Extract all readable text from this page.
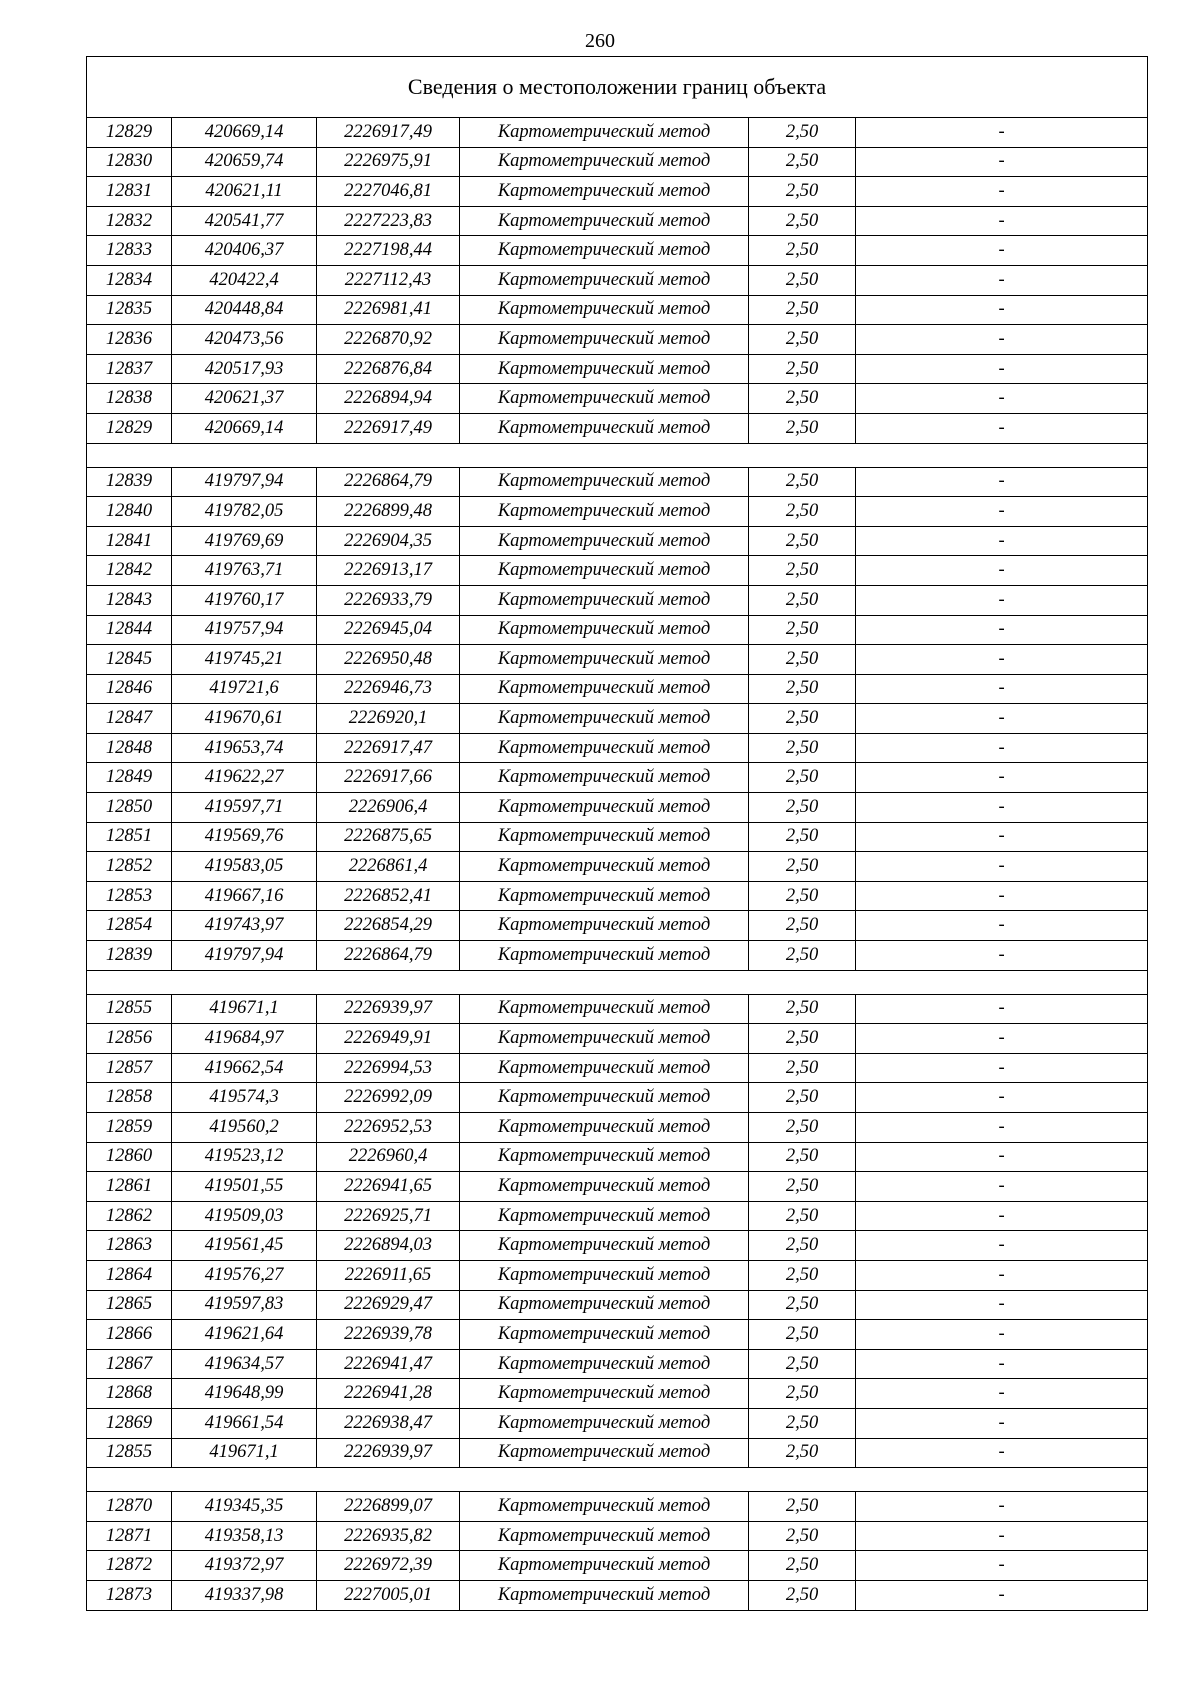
260
Сведения о местоположении границ объекта					
12829	420669,14	2226917,49	Картометрический метод	2,50	-
12830	420659,74	2226975,91	Картометрический метод	2,50	-
12831	420621,11	2227046,81	Картометрический метод	2,50	-
12832	420541,77	2227223,83	Картометрический метод	2,50	-
12833	420406,37	2227198,44	Картометрический метод	2,50	-
12834	420422,4	2227112,43	Картометрический метод	2,50	-
12835	420448,84	2226981,41	Картометрический метод	2,50	-
12836	420473,56	2226870,92	Картометрический метод	2,50	-
12837	420517,93	2226876,84	Картометрический метод	2,50	-
12838	420621,37	2226894,94	Картометрический метод	2,50	-
12829	420669,14	2226917,49	Картометрический метод	2,50	-

12839	419797,94	2226864,79	Картометрический метод	2,50	-
12840	419782,05	2226899,48	Картометрический метод	2,50	-
12841	419769,69	2226904,35	Картометрический метод	2,50	-
12842	419763,71	2226913,17	Картометрический метод	2,50	-
12843	419760,17	2226933,79	Картометрический метод	2,50	-
12844	419757,94	2226945,04	Картометрический метод	2,50	-
12845	419745,21	2226950,48	Картометрический метод	2,50	-
12846	419721,6	2226946,73	Картометрический метод	2,50	-
12847	419670,61	2226920,1	Картометрический метод	2,50	-
12848	419653,74	2226917,47	Картометрический метод	2,50	-
12849	419622,27	2226917,66	Картометрический метод	2,50	-
12850	419597,71	2226906,4	Картометрический метод	2,50	-
12851	419569,76	2226875,65	Картометрический метод	2,50	-
12852	419583,05	2226861,4	Картометрический метод	2,50	-
12853	419667,16	2226852,41	Картометрический метод	2,50	-
12854	419743,97	2226854,29	Картометрический метод	2,50	-
12839	419797,94	2226864,79	Картометрический метод	2,50	-

12855	419671,1	2226939,97	Картометрический метод	2,50	-
12856	419684,97	2226949,91	Картометрический метод	2,50	-
12857	419662,54	2226994,53	Картометрический метод	2,50	-
12858	419574,3	2226992,09	Картометрический метод	2,50	-
12859	419560,2	2226952,53	Картометрический метод	2,50	-
12860	419523,12	2226960,4	Картометрический метод	2,50	-
12861	419501,55	2226941,65	Картометрический метод	2,50	-
12862	419509,03	2226925,71	Картометрический метод	2,50	-
12863	419561,45	2226894,03	Картометрический метод	2,50	-
12864	419576,27	2226911,65	Картометрический метод	2,50	-
12865	419597,83	2226929,47	Картометрический метод	2,50	-
12866	419621,64	2226939,78	Картометрический метод	2,50	-
12867	419634,57	2226941,47	Картометрический метод	2,50	-
12868	419648,99	2226941,28	Картометрический метод	2,50	-
12869	419661,54	2226938,47	Картометрический метод	2,50	-
12855	419671,1	2226939,97	Картометрический метод	2,50	-

12870	419345,35	2226899,07	Картометрический метод	2,50	-
12871	419358,13	2226935,82	Картометрический метод	2,50	-
12872	419372,97	2226972,39	Картометрический метод	2,50	-
12873	419337,98	2227005,01	Картометрический метод	2,50	-
